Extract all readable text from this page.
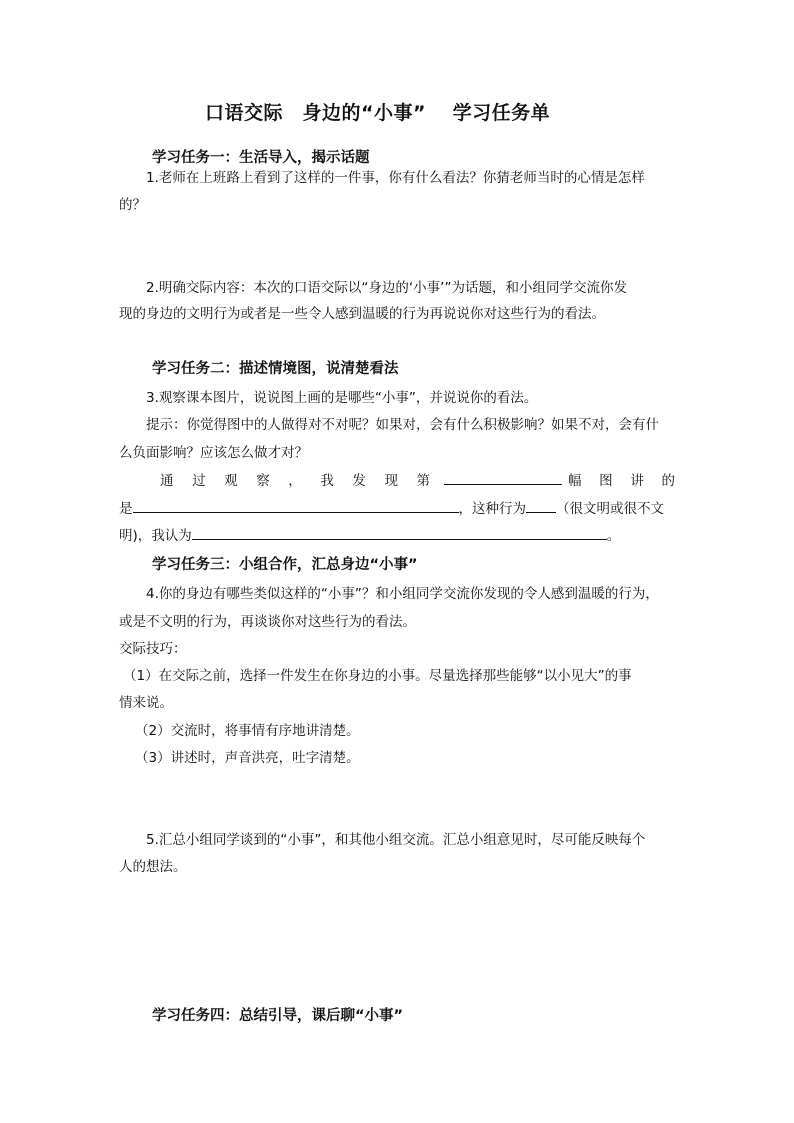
口语交际　身边的“小事”　 学习任务单
学习任务一：生活导入，揭示话题
1.老师在上班路上看到了这样的一件事，你有什么看法？你猜老师当时的心情是怎样
的？
2.明确交际内容：本次的口语交际以“身边的‘小事’”为话题，和小组同学交流你发
现的身边的文明行为或者是一些令人感到温暖的行为再说说你对这些行为的看法。
学习任务二：描述情境图，说清楚看法
3.观察课本图片，说说图上画的是哪些“小事”，并说说你的看法。
提示：你觉得图中的人做得对不对呢？如果对，会有什么积极影响？如果不对，会有什
么负面影响？应该怎么做才对？
通 过 观 察 ， 我 发 现 第	幅 图 讲 的
是	，这种行为 （很文明或很不文
明)，我认为	。
学习任务三：小组合作，汇总身边“小事”
4.你的身边有哪些类似这样的“小事”？和小组同学交流你发现的令人感到温暖的行为，
或是不文明的行为，再谈谈你对这些行为的看法。
交际技巧：
（1）在交际之前，选择一件发生在你身边的小事。尽量选择那些能够“以小见大”的事
情来说。
（2）交流时，将事情有序地讲清楚。
（3）讲述时，声音洪亮，吐字清楚。
5.汇总小组同学谈到的“小事”，和其他小组交流。汇总小组意见时，尽可能反映每个
人的想法。
学习任务四：总结引导，课后聊“小事”
